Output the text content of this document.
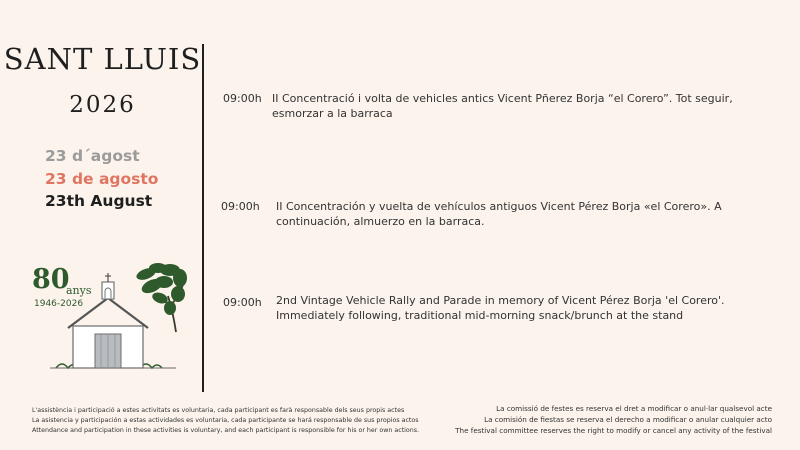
SANT LLUIS
2026
23 d´agost
23 de agosto
23th August
80
anys
1946-2026
09:00h II Concentració i volta de vehicles antics Vicent Pñerez Borja “el Corero”. Tot seguir, esmorzar a la barraca
09:00h II Concentración y vuelta de vehículos antiguos Vicent Pérez Borja «el Corero». A continuación, almuerzo en la barraca.
09:00h 2nd Vintage Vehicle Rally and Parade in memory of Vicent Pérez Borja 'el Corero'. Immediately following, traditional mid-morning snack/brunch at the stand
L'assistència i participació a estes activitats es voluntaria, cada participant es farà responsable dels seus propis actes
La asistencia y participación a estas actividades es voluntaria, cada participante se hará responsable de sus propios actos
Attendance and participation in these activities is voluntary, and each participant is responsible for his or her own actions.
La comissió de festes es reserva el dret a modificar o anul·lar qualsevol acte
La comisión de fiestas se reserva el derecho a modificar o anular cualquier acto
The festival committee reserves the right to modify or cancel any activity of the festival
